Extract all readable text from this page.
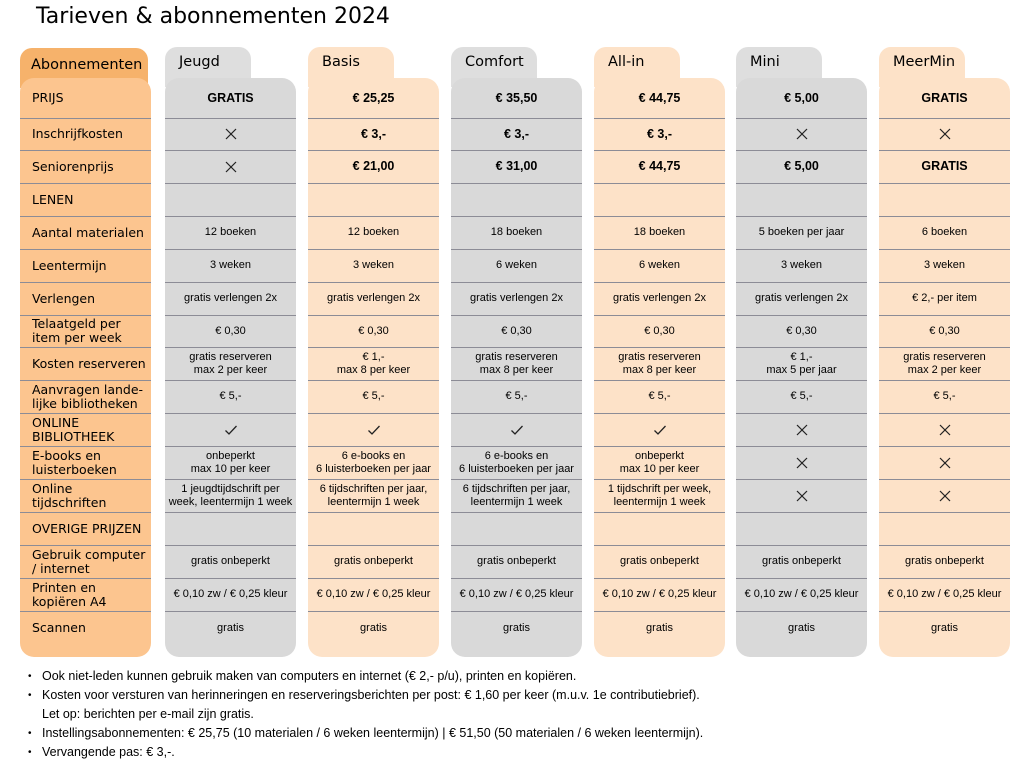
Tarieven & abonnementen 2024
Abonnementen
PRIJS
Inschrijfkosten
Seniorenprijs
LENEN
Aantal materialen
Leentermijn
Verlengen
Telaatgeld per item per week
Kosten reserveren
Aanvragen lande-lijke bibliotheken
ONLINE BIBLIOTHEEK
E-books en luisterboeken
Online tijdschriften
OVERIGE PRIJZEN
Gebruik computer / internet
Printen en kopiëren A4
Scannen
Jeugd
GRATIS
12 boeken
3 weken
gratis verlengen 2x
€ 0,30
gratis reserveren
max 2 per keer
€ 5,-
onbeperkt
max 10 per keer
1 jeugdtijdschrift per
week, leentermijn 1 week
gratis onbeperkt
€ 0,10 zw / € 0,25 kleur
gratis
Basis
€ 25,25
€ 3,-
€ 21,00
12 boeken
3 weken
gratis verlengen 2x
€ 0,30
€ 1,-
max 8 per keer
€ 5,-
6 e-books en
6 luisterboeken per jaar
6 tijdschriften per jaar,
leentermijn 1 week
gratis onbeperkt
€ 0,10 zw / € 0,25 kleur
gratis
Comfort
€ 35,50
€ 3,-
€ 31,00
18 boeken
6 weken
gratis verlengen 2x
€ 0,30
gratis reserveren
max 8 per keer
€ 5,-
6 e-books en
6 luisterboeken per jaar
6 tijdschriften per jaar,
leentermijn 1 week
gratis onbeperkt
€ 0,10 zw / € 0,25 kleur
gratis
All-in
€ 44,75
€ 3,-
€ 44,75
18 boeken
6 weken
gratis verlengen 2x
€ 0,30
gratis reserveren
max 8 per keer
€ 5,-
onbeperkt
max 10 per keer
1 tijdschrift per week,
leentermijn 1 week
gratis onbeperkt
€ 0,10 zw / € 0,25 kleur
gratis
Mini
€ 5,00
€ 5,00
5 boeken per jaar
3 weken
gratis verlengen 2x
€ 0,30
€ 1,-
max 5 per jaar
€ 5,-
gratis onbeperkt
€ 0,10 zw / € 0,25 kleur
gratis
MeerMin
GRATIS
GRATIS
6 boeken
3 weken
€ 2,- per item
€ 0,30
gratis reserveren
max 2 per keer
€ 5,-
gratis onbeperkt
€ 0,10 zw / € 0,25 kleur
gratis
• Ook niet-leden kunnen gebruik maken van computers en internet (€ 2,- p/u), printen en kopiëren.
• Kosten voor versturen van herinneringen en reserveringsberichten per post: € 1,60 per keer (m.u.v. 1e contributiebrief).
Let op: berichten per e-mail zijn gratis.
• Instellingsabonnementen: € 25,75 (10 materialen / 6 weken leentermijn) | € 51,50 (50 materialen / 6 weken leentermijn).
• Vervangende pas: € 3,-.
